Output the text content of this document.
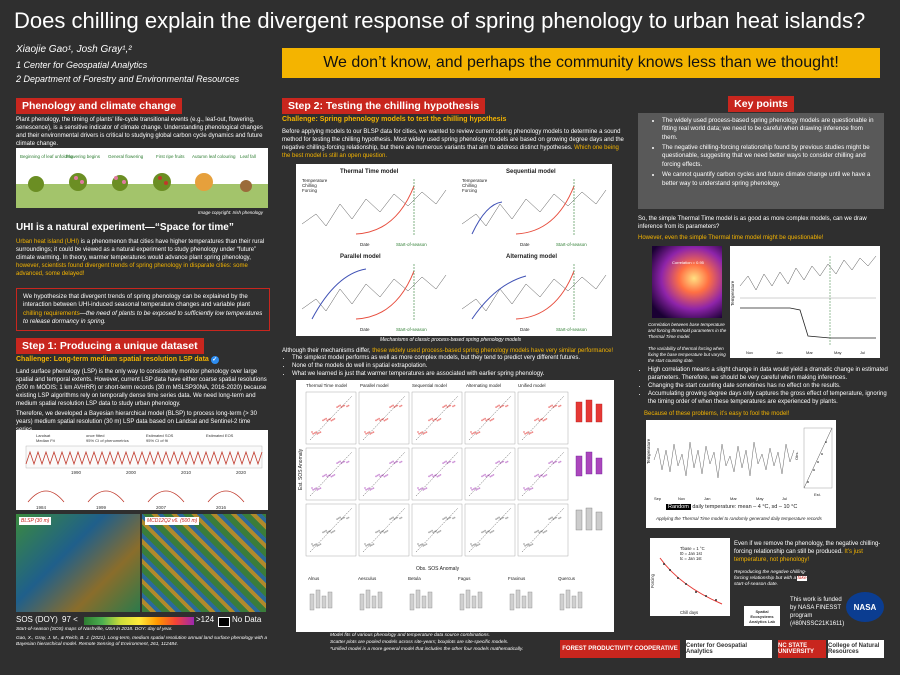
Does chilling explain the divergent response of spring phenology to urban heat islands?
Xiaojie Gao¹, Josh Gray¹,²
1 Center for Geospatial Analytics
2 Department of Forestry and Environmental Resources
We don’t know, and perhaps the community knows less than we thought!
Phenology and climate change
Plant phenology, the timing of plants’ life-cycle transitional events (e.g., leaf-out, flowering, senescence), is a sensitive indicator of climate change. Understanding phenological changes and their environmental drivers is critical to studying global carbon cycle dynamics and future climate change.
Beginning of leaf unfolding
Flowering begins General flowering	First ripe fruits Autumn leaf colouring Leaf fall
Image copyright: Irish phenology
UHI is a natural experiment—“Space for time”
Urban heat island (UHI) is a phenomenon that cities have higher temperatures than their rural surroundings; it could be viewed as a natural experiment to study phenology under “future” climate warming. In theory, warmer temperatures would advance plant spring phenology, however, scientists found divergent trends of spring phenology in disparate cities: some advanced, some delayed!
We hypothesize that divergent trends of spring phenology can be explained by the interaction between UHI-induced seasonal temperature changes and variable plant chilling requirements—the need of plants to be exposed to sufficiently low temperatures to release dormancy in spring.
Step 1: Producing a unique dataset
Challenge: Long-term medium spatial resolution LSP data ✓
Land surface phenology (LSP) is the only way to consistently monitor phenology over large spatial and temporal extents. However, current LSP data have either coarse spatial resolutions (500 m MODIS; 1 km AVHRR) or short-term records (30 m MSLSP30NA, 2016-2020) because existing LSP algorithms rely on temporally dense time series data. We need long-term and medium spatial resolution LSP data to study urban phenology.
Therefore, we developed a Bayesian hierarchical model (BLSP) to process long-term (> 30 years) medium spatial resolution (30 m) LSP data based on Landsat and Sentinel-2 time
Landsat
Median Fit
once fitted
95% CI of phenometrics
Estimated SOS
95% CI of fit
Estimated EOS
1990	2000	2010	2020
1984	1999	2007	2016
BLSP (30 m)	MCD12Q2 v6. (500 m)
SOS (DOY) 97 <	>124 No Data
Start-of-season (SOS) maps of Nashville, USA in 2018. DOY: day of year.
Gao, X., Gray, J. M., & Reich, B. J. (2021). Long-term, medium spatial resolution annual land surface phenology with a Bayesian hierarchical model. Remote Sensing of Environment, 261, 112484.
Step 2: Testing the chilling hypothesis
Challenge: Spring phenology models to test the chilling hypothesis
Before applying models to our BLSP data for cities, we wanted to review current spring phenology models to determine a sound method for testing the chilling hypothesis. Most widely used spring phenology models are based on growing degree days and the negative chilling-forcing relationship, but there are numerous variants that aim to address distinct hypotheses. Which one being the best model is still an open question.
Thermal Time model	Sequential model
Parallel model	Alternating model
Temperature
Chilling
Forcing
Temperature
Chilling
Forcing
Date	Date
Date	Date
Start-of-season	Start-of-season
Start-of-season	Start-of-season
Mechanisms of classic process-based spring phenology models
Although their mechanisms differ, these widely used process-based spring phenology models have very similar performance!
• The simplest model performs as well as more complex models, but they tend to predict very different futures.
• None of the models do well in spatial extrapolation.
• What we learned is just that warmer temperatures are associated with earlier spring phenology.
Thermal Time model	Parallel model	Sequential model	Alternating model	Unified model
Est. SOS Anomaly
Obs. SOS Anomaly
Alnus	Aesculus	Betula	Fagus	Fraxinus	Quercus
Model fits of various phenology and temperature data source combinations.
Scatter plots are pooled models across site-years; boxplots are site-specific models.
*Unified model is a more general model that includes the other four models mathematically.
Key points
• The widely used process-based spring phenology models are questionable in fitting real world data; we need to be careful when drawing inference from them.
• The negative chilling-forcing relationship found by previous studies might be questionable, suggesting that we need better ways to consider chilling and forcing effects.
• We cannot quantify carbon cycles and future climate change until we have a better way to understand spring phenology.
So, the simple Thermal Time model is as good as more complex models, can we draw inference from its parameters?
However, even the simple Thermal time model might be questionable!
Correlation = 0.95
Temperature
Nov	Jan	Mar	May	Jul
Correlation between base temperature and forcing threshold parameters in the Thermal Time model.
The variability of thermal forcing when fixing the base temperature but varying the start counting date.
• High correlation means a slight change in data would yield a dramatic change in estimated parameters. Therefore, we should be very careful when making inferences.
• Changing the start counting date sometimes has no effect on the results.
• Accumulating growing degree days only captures the gross effect of temperature, ignoring the timing order of when these temperatures are experienced by plants.
Because of these problems, it’s easy to fool the model!
Temperature
Sep	Nov	Jan	Mar	May	Jul
Obs.
Est.
Random daily temperature: mean – 4 °C, sd – 10 °C
Applying the Thermal Time model to randomly generated daily temperature records
Tbase = 1 °C
t0 = Jan 1st
tc = Jan 1st
Chill days
Forcing
Even if we remove the phenology, the negative chilling-forcing relationship can still be produced. It’s just temperature, not phenology!
Reproducing the negative chilling-forcing relationship but with a fake start-of-season date.
This work is funded by NASA FINESST program (#80NSSC21K1611)
NASA
Spatial Ecosystems Analytics Lab
FOREST PRODUCTIVITY COOPERATIVE	Center for Geospatial Analytics
NC STATE UNIVERSITY
College of Natural Resources
